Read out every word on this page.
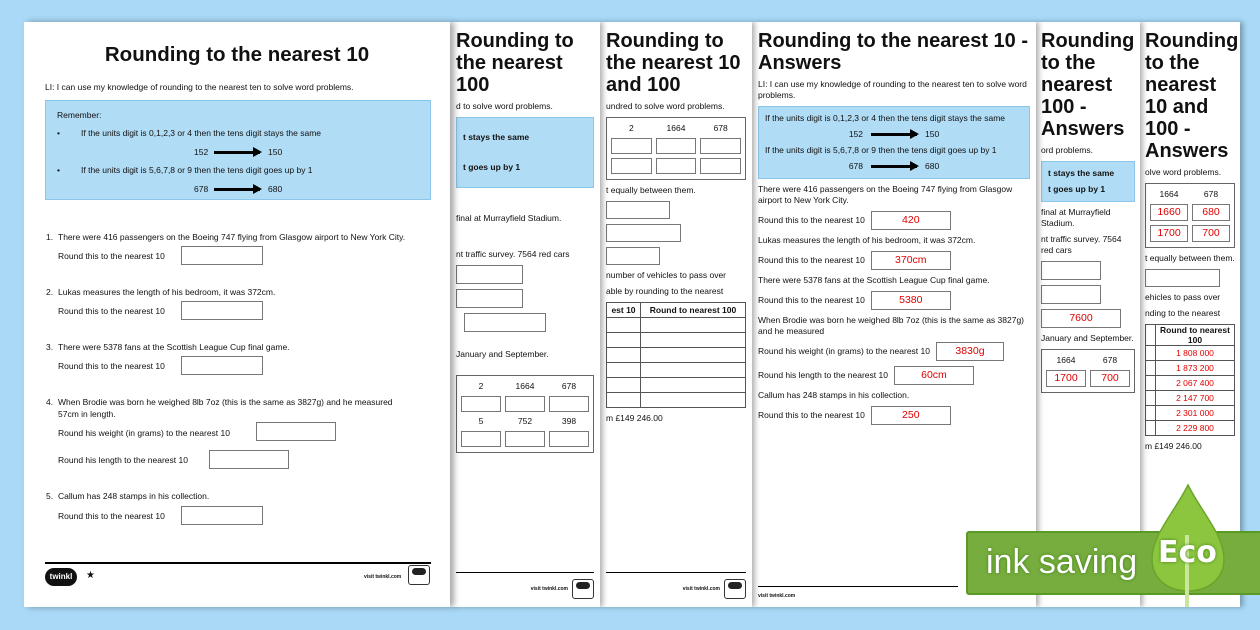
Rounding to the nearest 10 and 100 - Answers
olve word problems.
1664	678
1660	680
1700	700
t equally between them.
ehicles to pass over
nding to the nearest
	Round to nearest 100
	1 808 000
	1 873 200
	2 067 400
	2 147 700
	2 301 000
	2 229 800
m £149 246.00
Rounding to the nearest 100 - Answers
ord problems.
t stays the same
t goes up by 1
final at Murrayfield Stadium.
nt traffic survey. 7564 red cars
7600
January and September.
1664	678
1700	700
Rounding to the nearest 10 - Answers
LI: I can use my knowledge of rounding to the nearest ten to solve word problems.
If the units digit is 0,1,2,3 or 4 then the tens digit stays the same
152	150
If the units digit is 5,6,7,8 or 9 then the tens digit goes up by 1
678	680
There were 416 passengers on the Boeing 747 flying from Glasgow airport to New York City.
Round this to the nearest 10	420
Lukas measures the length of his bedroom, it was 372cm.
Round this to the nearest 10	370cm
There were 5378 fans at the Scottish League Cup final game.
Round this to the nearest 10	5380
When Brodie was born he weighed 8lb 7oz (this is the same as 3827g) and he measured
Round his weight (in grams) to the nearest 10	3830g
Round his length to the nearest 10	60cm
Callum has 248 stamps in his collection.
Round this to the nearest 10	250
visit twinkl.com
Rounding to the nearest 10 and 100
undred to solve word problems.
2	1664	678
t equally between them.
number of vehicles to pass over
able by rounding to the nearest
est 10	Round to nearest 100

m £149 246.00
visit twinkl.com
Rounding to the nearest 100
d to solve word problems.
t stays the same
t goes up by 1
final at Murrayfield Stadium.
nt traffic survey. 7564 red cars
January and September.
2	1664	678
5	752	398
visit twinkl.com
Rounding to the nearest 10
LI: I can use my knowledge of rounding to the nearest ten to solve word problems.
Remember:
• If the units digit is 0,1,2,3 or 4 then the tens digit stays the same
152	150
• If the units digit is 5,6,7,8 or 9 then the tens digit goes up by 1
678	680
1. There were 416 passengers on the Boeing 747 flying from Glasgow airport to New York City.
Round this to the nearest 10
2. Lukas measures the length of his bedroom, it was 372cm.
Round this to the nearest 10
3. There were 5378 fans at the Scottish League Cup final game.
Round this to the nearest 10
4. When Brodie was born he weighed 8lb 7oz (this is the same as 3827g) and he measured
57cm in length.
Round his weight (in grams) to the nearest 10
Round his length to the nearest 10
5. Callum has 248 stamps in his collection.
Round this to the nearest 10
twinkl	★	visit twinkl.com	ink saving Eco
